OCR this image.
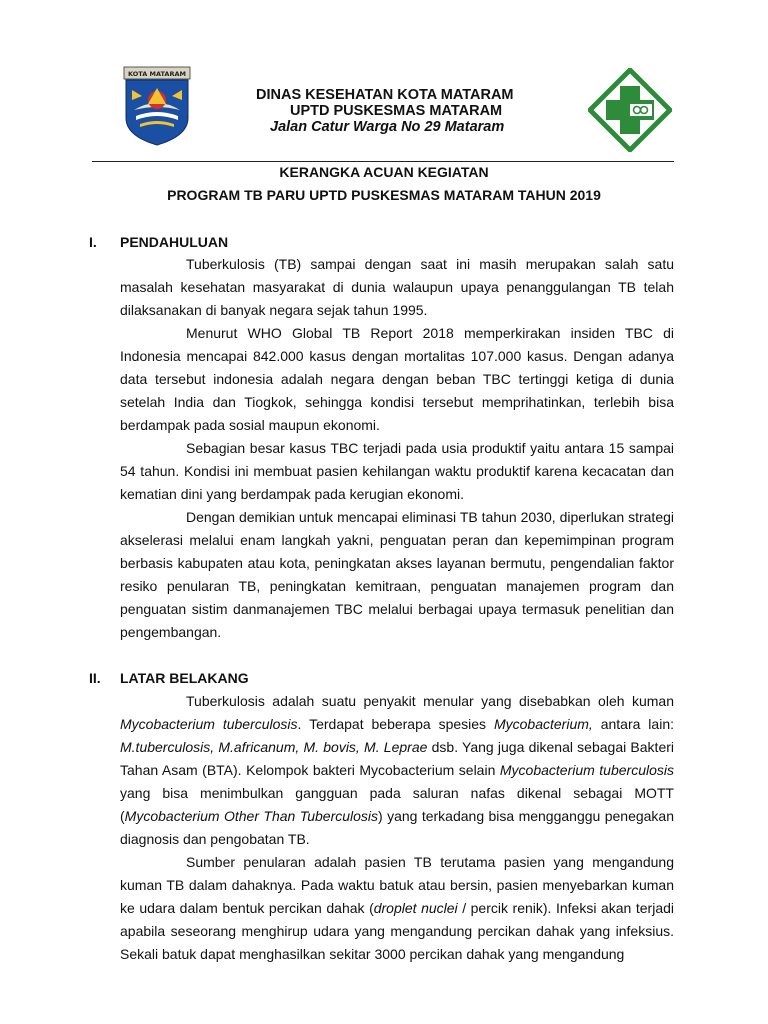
KOTA MATARAM
DINAS KESEHATAN KOTA MATARAM
UPTD PUSKESMAS MATARAM
Jalan Catur Warga No 29 Mataram
KERANGKA ACUAN KEGIATAN
PROGRAM TB PARU UPTD PUSKESMAS MATARAM TAHUN 2019
I. PENDAHULUAN

Tuberkulosis (TB) sampai dengan saat ini masih merupakan salah satu masalah kesehatan masyarakat di dunia walaupun upaya penanggulangan TB telah dilaksanakan di banyak negara sejak tahun 1995.

Menurut WHO Global TB Report 2018 memperkirakan insiden TBC di Indonesia mencapai 842.000 kasus dengan mortalitas 107.000 kasus. Dengan adanya data tersebut indonesia adalah negara dengan beban TBC tertinggi ketiga di dunia setelah India dan Tiogkok, sehingga kondisi tersebut memprihatinkan, terlebih bisa berdampak pada sosial maupun ekonomi.

Sebagian besar kasus TBC terjadi pada usia produktif yaitu antara 15 sampai 54 tahun. Kondisi ini membuat pasien kehilangan waktu produktif karena kecacatan dan kematian dini yang berdampak pada kerugian ekonomi.

Dengan demikian untuk mencapai eliminasi TB tahun 2030, diperlukan strategi akselerasi melalui enam langkah yakni, penguatan peran dan kepemimpinan program berbasis kabupaten atau kota, peningkatan akses layanan bermutu, pengendalian faktor resiko penularan TB, peningkatan kemitraan, penguatan manajemen program dan penguatan sistim danmanajemen TBC melalui berbagai upaya termasuk penelitian dan pengembangan.

II. LATAR BELAKANG

Tuberkulosis adalah suatu penyakit menular yang disebabkan oleh kuman Mycobacterium tuberculosis. Terdapat beberapa spesies Mycobacterium, antara lain: M.tuberculosis, M.africanum, M. bovis, M. Leprae dsb. Yang juga dikenal sebagai Bakteri Tahan Asam (BTA). Kelompok bakteri Mycobacterium selain Mycobacterium tuberculosis yang bisa menimbulkan gangguan pada saluran nafas dikenal sebagai MOTT (Mycobacterium Other Than Tuberculosis) yang terkadang bisa mengganggu penegakan diagnosis dan pengobatan TB.

Sumber penularan adalah pasien TB terutama pasien yang mengandung kuman TB dalam dahaknya. Pada waktu batuk atau bersin, pasien menyebarkan kuman ke udara dalam bentuk percikan dahak (droplet nuclei / percik renik). Infeksi akan terjadi apabila seseorang menghirup udara yang mengandung percikan dahak yang infeksius. Sekali batuk dapat menghasilkan sekitar 3000 percikan dahak yang mengandung
